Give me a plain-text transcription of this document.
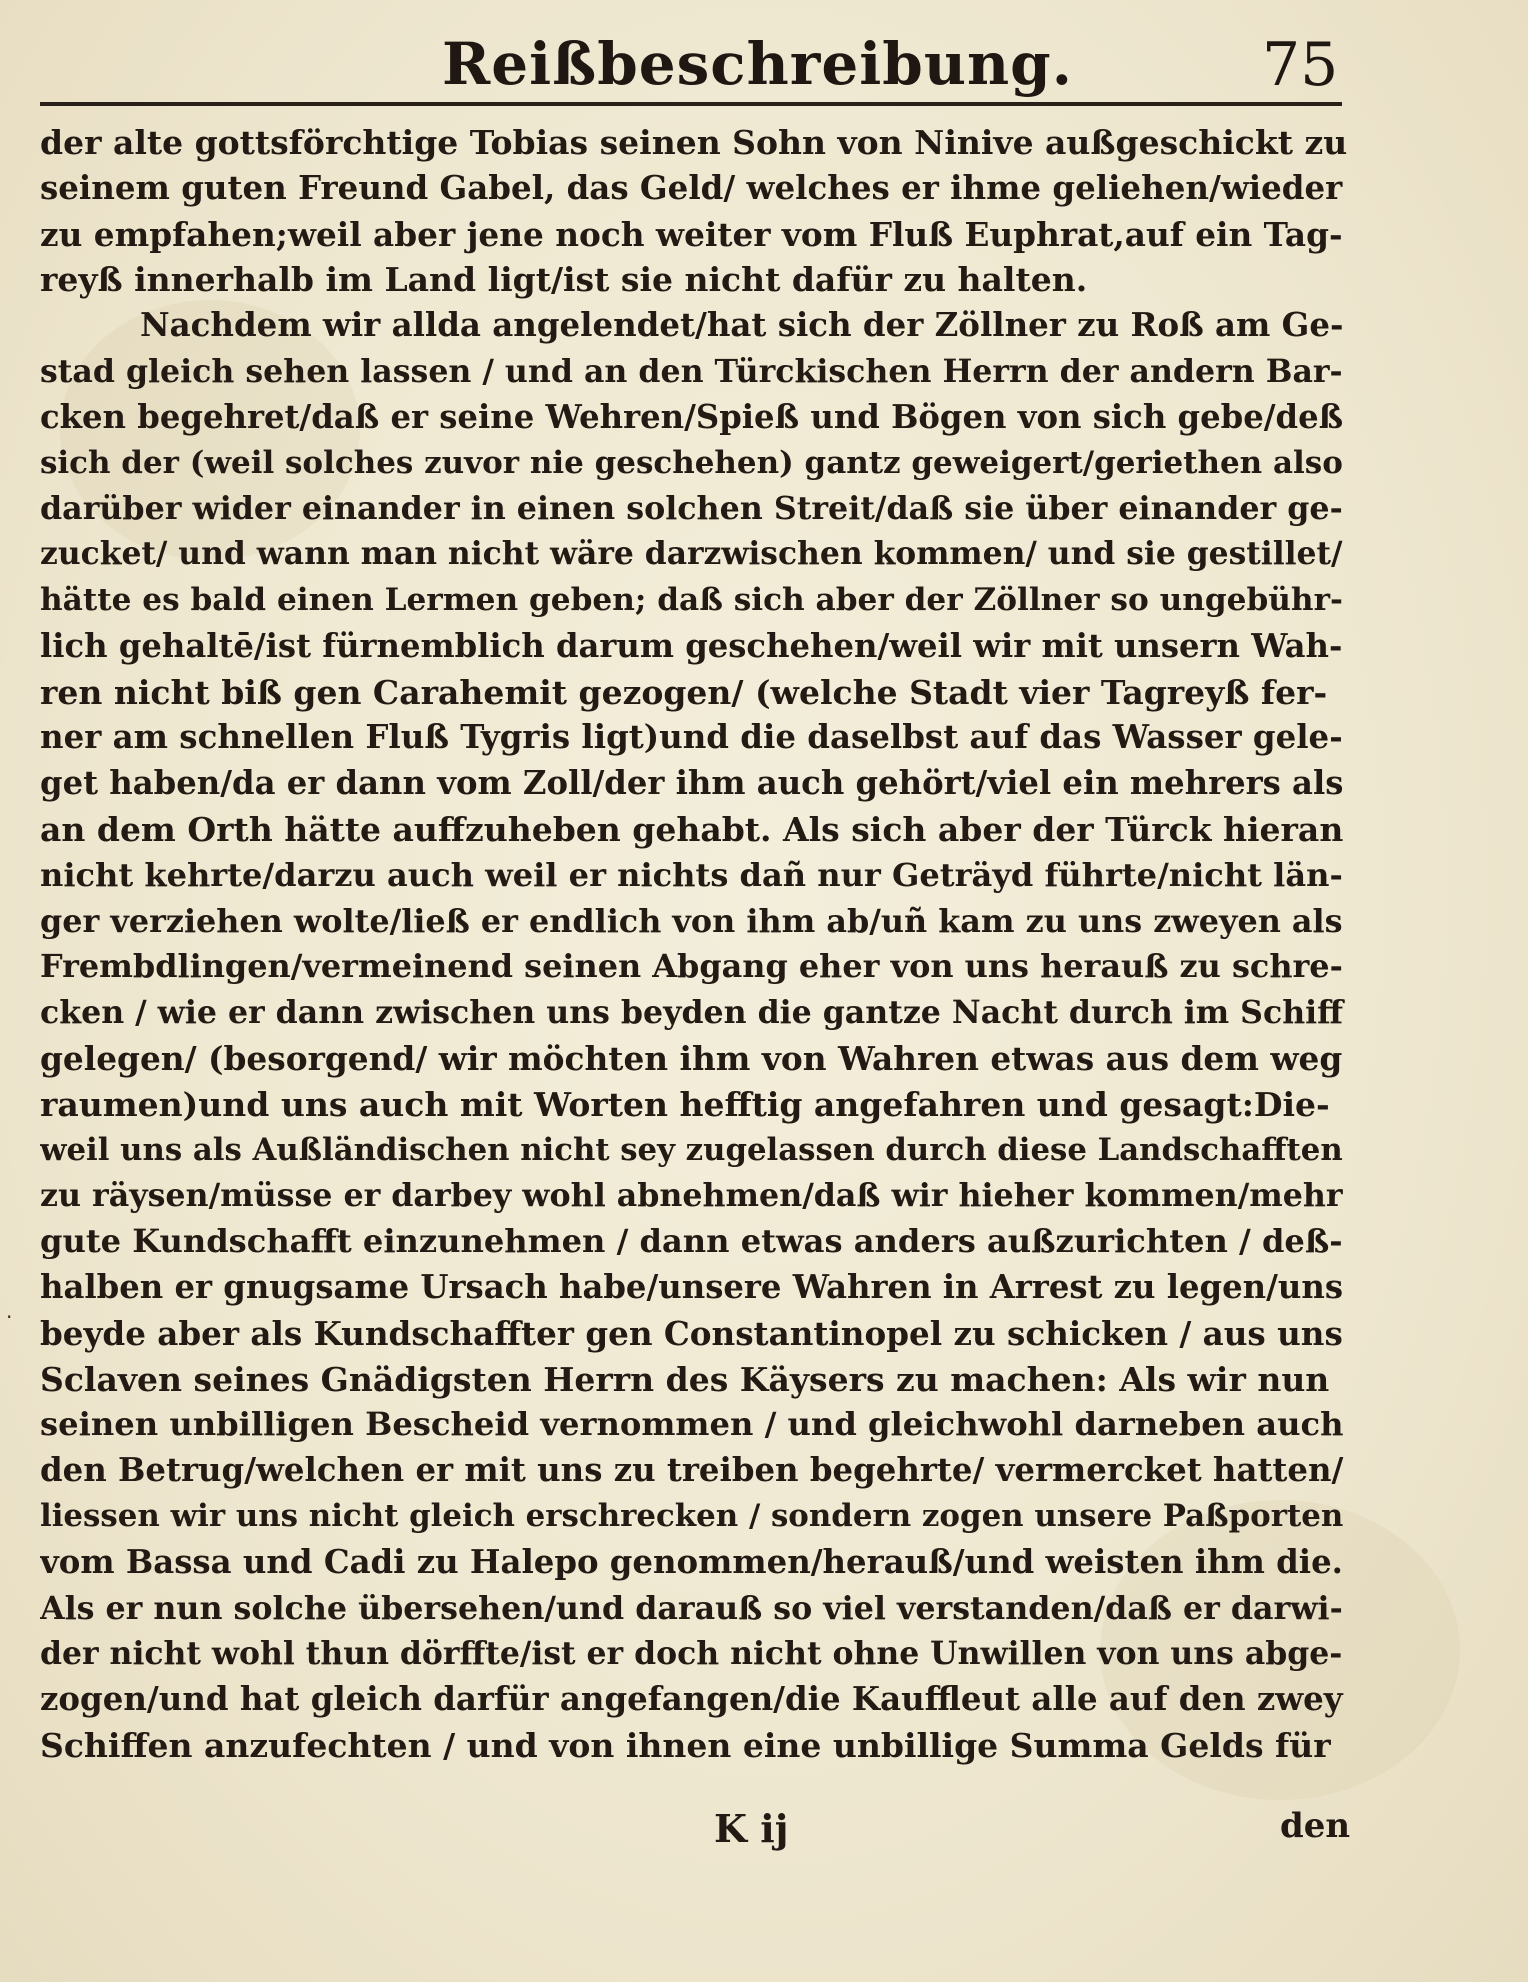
Reißbeschreibung.	75
·
der alte gottsförchtige Tobias seinen Sohn von Ninive außgeschickt zu
seinem guten Freund Gabel, das Geld/ welches er ihme geliehen/wieder
zu empfahen;weil aber jene noch weiter vom Fluß Euphrat,auf ein Tag-
reyß innerhalb im Land ligt/ist sie nicht dafür zu halten.
Nachdem wir allda angelendet/hat sich der Zöllner zu Roß am Ge-
stad gleich sehen lassen / und an den Türckischen Herrn der andern Bar-
cken begehret/daß er seine Wehren/Spieß und Bögen von sich gebe/deß
sich der (weil solches zuvor nie geschehen) gantz geweigert/geriethen also
darüber wider einander in einen solchen Streit/daß sie über einander ge-
zucket/ und wann man nicht wäre darzwischen kommen/ und sie gestillet/
hätte es bald einen Lermen geben; daß sich aber der Zöllner so ungebühr-
lich gehaltē/ist fürnemblich darum geschehen/weil wir mit unsern Wah-
ren nicht biß gen Carahemit gezogen/ (welche Stadt vier Tagreyß fer-
ner am schnellen Fluß Tygris ligt)und die daselbst auf das Wasser gele-
get haben/da er dann vom Zoll/der ihm auch gehört/viel ein mehrers als
an dem Orth hätte auffzuheben gehabt. Als sich aber der Türck hieran
nicht kehrte/darzu auch weil er nichts dañ nur Geträyd führte/nicht län-
ger verziehen wolte/ließ er endlich von ihm ab/uñ kam zu uns zweyen als
Frembdlingen/vermeinend seinen Abgang eher von uns herauß zu schre-
cken / wie er dann zwischen uns beyden die gantze Nacht durch im Schiff
gelegen/ (besorgend/ wir möchten ihm von Wahren etwas aus dem weg
raumen)und uns auch mit Worten hefftig angefahren und gesagt:Die-
weil uns als Außländischen nicht sey zugelassen durch diese Landschafften
zu räysen/müsse er darbey wohl abnehmen/daß wir hieher kommen/mehr
gute Kundschafft einzunehmen / dann etwas anders außzurichten / deß-
halben er gnugsame Ursach habe/unsere Wahren in Arrest zu legen/uns
beyde aber als Kundschaffter gen Constantinopel zu schicken / aus uns
Sclaven seines Gnädigsten Herrn des Käysers zu machen: Als wir nun
seinen unbilligen Bescheid vernommen / und gleichwohl darneben auch
den Betrug/welchen er mit uns zu treiben begehrte/ vermercket hatten/
liessen wir uns nicht gleich erschrecken / sondern zogen unsere Paßporten
vom Bassa und Cadi zu Halepo genommen/herauß/und weisten ihm die.
Als er nun solche übersehen/und darauß so viel verstanden/daß er darwi-
der nicht wohl thun dörffte/ist er doch nicht ohne Unwillen von uns abge-
zogen/und hat gleich darfür angefangen/die Kauffleut alle auf den zwey
Schiffen anzufechten / und von ihnen eine unbillige Summa Gelds für
K ij	den
